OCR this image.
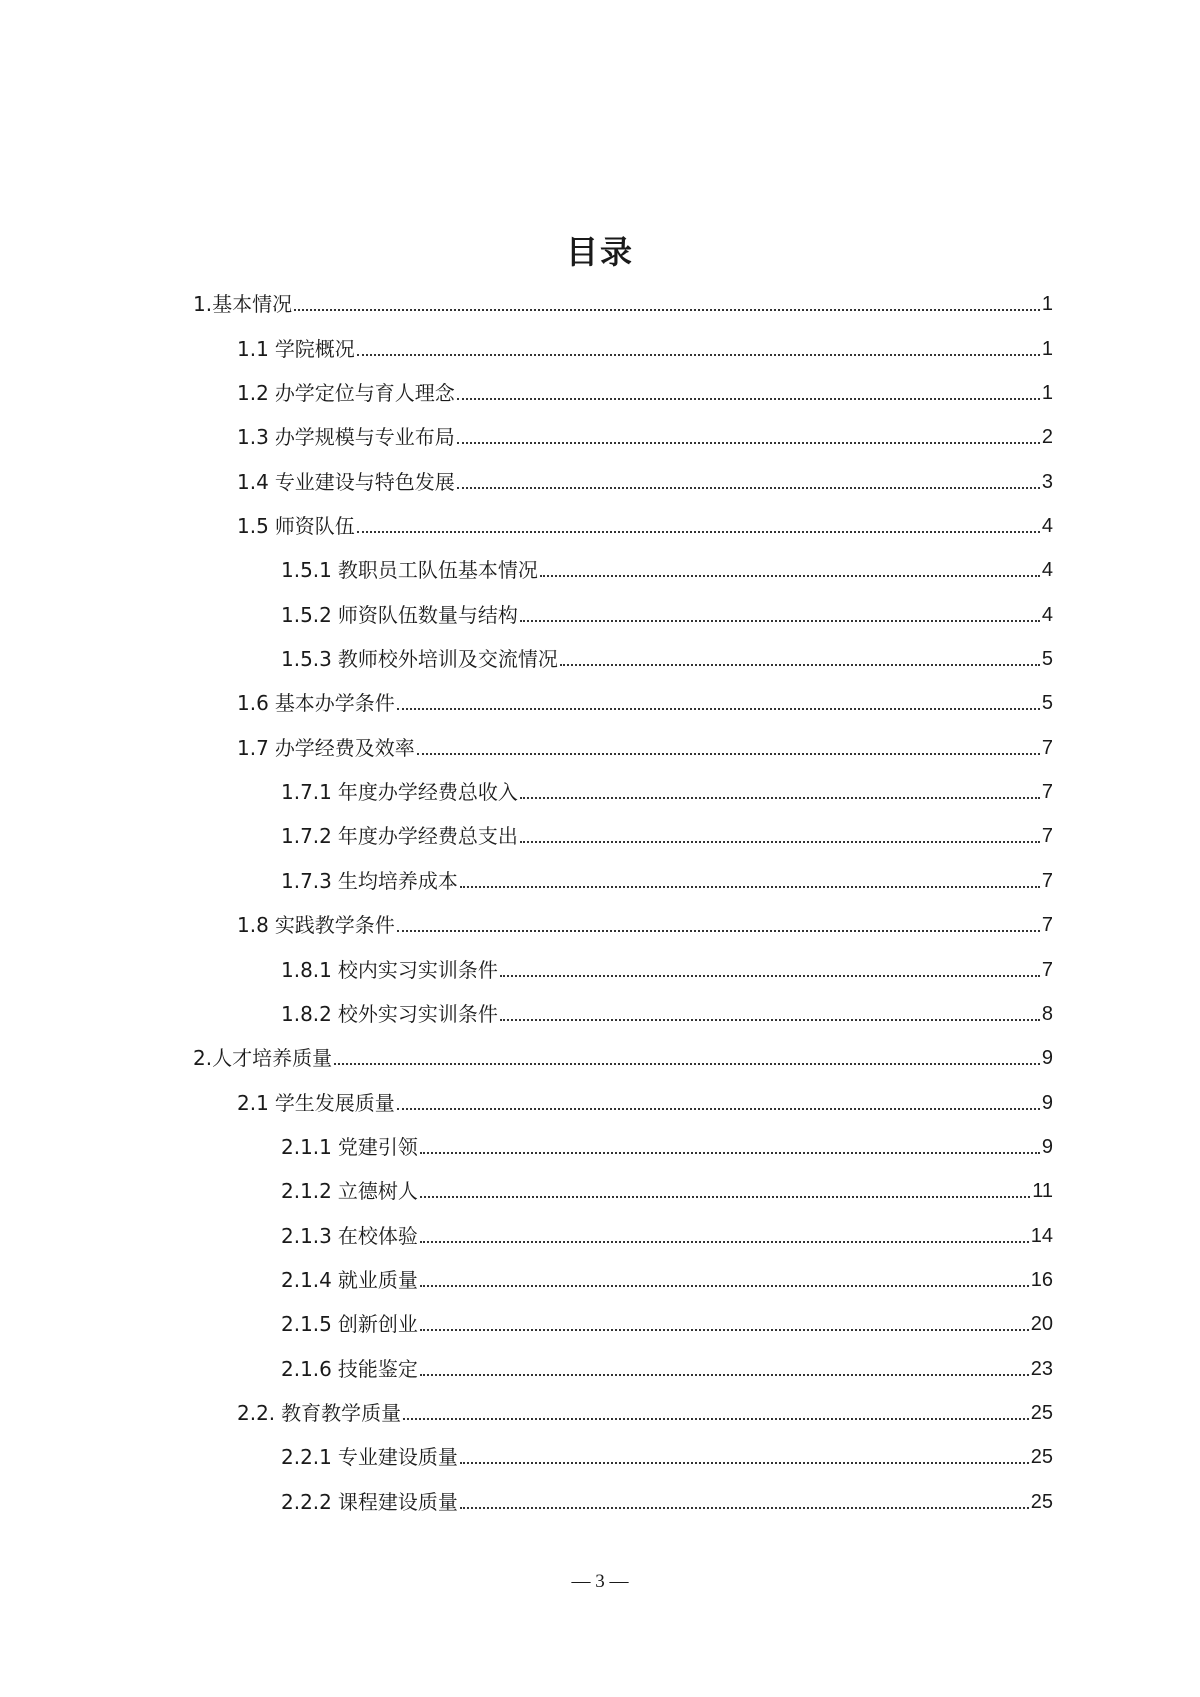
目录
1.基本情况	1
1.1 学院概况	1
1.2 办学定位与育人理念	1
1.3 办学规模与专业布局	2
1.4 专业建设与特色发展	3
1.5 师资队伍	4
1.5.1 教职员工队伍基本情况	4
1.5.2 师资队伍数量与结构	4
1.5.3 教师校外培训及交流情况	5
1.6 基本办学条件	5
1.7 办学经费及效率	7
1.7.1 年度办学经费总收入	7
1.7.2 年度办学经费总支出	7
1.7.3 生均培养成本	7
1.8 实践教学条件	7
1.8.1 校内实习实训条件	7
1.8.2 校外实习实训条件	8
2.人才培养质量	9
2.1 学生发展质量	9
2.1.1 党建引领	9
2.1.2 立德树人	11
2.1.3 在校体验	14
2.1.4 就业质量	16
2.1.5 创新创业	20
2.1.6 技能鉴定	23
2.2. 教育教学质量	25
2.2.1 专业建设质量	25
2.2.2 课程建设质量	25
— 3 —
